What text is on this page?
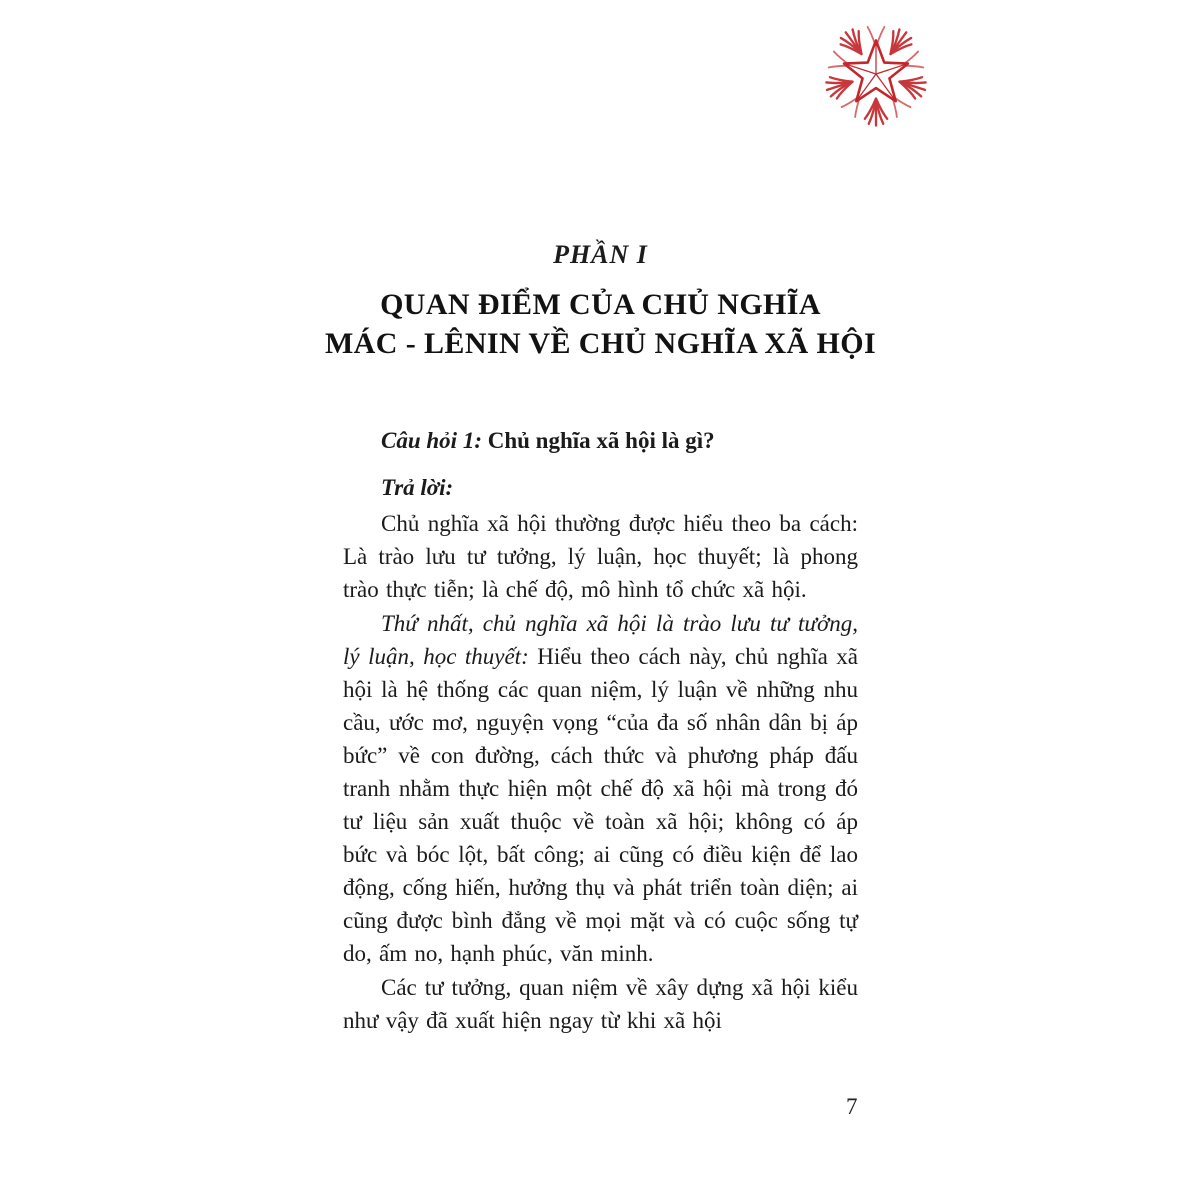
PHẦN I
QUAN ĐIỂM CỦA CHỦ NGHĨA
MÁC - LÊNIN VỀ CHỦ NGHĨA XÃ HỘI

Câu hỏi 1: Chủ nghĩa xã hội là gì?

Trả lời:

Chủ nghĩa xã hội thường được hiểu theo ba cách: Là trào lưu tư tưởng, lý luận, học thuyết; là phong trào thực tiễn; là chế độ, mô hình tổ chức xã hội.

Thứ nhất, chủ nghĩa xã hội là trào lưu tư tưởng, lý luận, học thuyết: Hiểu theo cách này, chủ nghĩa xã hội là hệ thống các quan niệm, lý luận về những nhu cầu, ước mơ, nguyện vọng “của đa số nhân dân bị áp bức” về con đường, cách thức và phương pháp đấu tranh nhằm thực hiện một chế độ xã hội mà trong đó tư liệu sản xuất thuộc về toàn xã hội; không có áp bức và bóc lột, bất công; ai cũng có điều kiện để lao động, cống hiến, hưởng thụ và phát triển toàn diện; ai cũng được bình đẳng về mọi mặt và có cuộc sống tự do, ấm no, hạnh phúc, văn minh.

Các tư tưởng, quan niệm về xây dựng xã hội kiểu như vậy đã xuất hiện ngay từ khi xã hội

7
